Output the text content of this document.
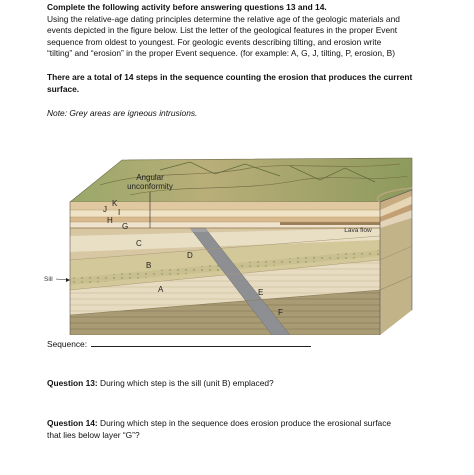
Complete the following activity before answering questions 13 and 14.
Using the relative-age dating principles determine the relative age of the geologic materials and
events depicted in the figure below. List the letter of the geological features in the proper Event
sequence from oldest to youngest. For geologic events describing tilting, and erosion write
“tilting” and “erosion” in the proper Event sequence. (for example: A, G, J, tilting, P, erosion, B)
There are a total of 14 steps in the sequence counting the erosion that produces the current
surface.
Note: Grey areas are igneous intrusions.
Angular
unconformity
Lava flow
Sill
J
K
I
H
G
C
B
D
A	E
F
Sequence:
Question 13: During which step is the sill (unit B) emplaced?
Question 14: During which step in the sequence does erosion produce the erosional surface
that lies below layer “G”?
